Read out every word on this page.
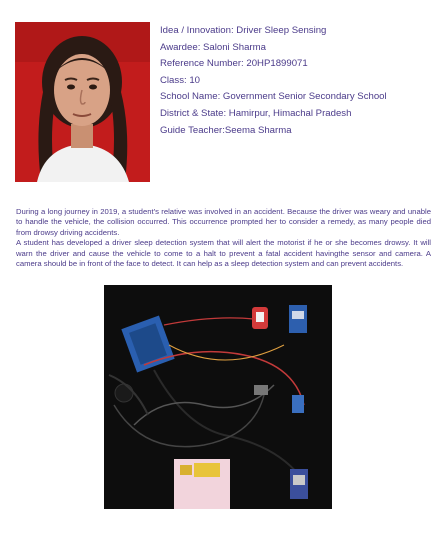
Idea / Innovation: Driver Sleep Sensing
Awardee: Saloni Sharma
Reference Number: 20HP1899071
Class: 10
School Name: Government Senior Secondary School
District & State: Hamirpur, Himachal Pradesh
Guide Teacher:Seema Sharma

During a long journey in 2019, a student's relative was involved in an accident. Because the driver was weary and unable to handle the vehicle, the collision occurred. This occurrence prompted her to consider a remedy, as many people died from drowsy driving accidents.

A student has developed a driver sleep detection system that will alert the motorist if he or she becomes drowsy. It will warn the driver and cause the vehicle to come to a halt to prevent a fatal accident havingthe sensor and camera. A camera should be in front of the face to detect. It can help as a sleep detection system and can prevent accidents.
